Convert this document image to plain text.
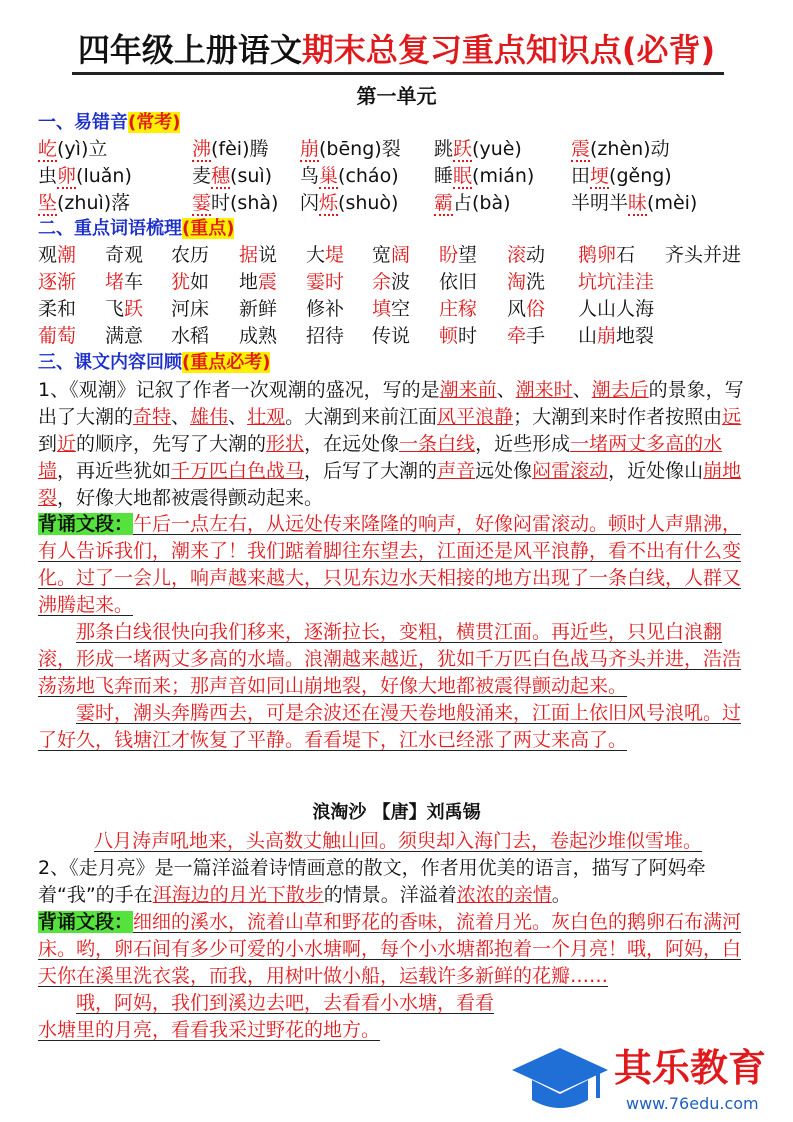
四年级上册语文期末总复习重点知识点(必背)
第一单元
一、易错音(常考)
屹(yì)立	沸(fèi)腾 崩(bēng)裂 跳跃(yuè)	震(zhèn)动
虫卵(luǎn)	麦穗(suì) 鸟巢(cháo) 睡眠(mián) 田埂(gěng)
坠(zhuì)落	霎时(shà) 闪烁(shuò) 霸占(bà)	半明半昧(mèi)
二、重点词语梳理(重点)
观潮 奇观 农历 据说 大堤 宽阔 盼望 滚动 鹅卵石 齐头并进
逐渐 堵车 犹如 地震 霎时 余波 依旧 淘洗 坑坑洼洼
柔和 飞跃 河床 新鲜 修补 填空 庄稼 风俗 人山人海
葡萄 满意 水稻 成熟 招待 传说 顿时 牵手 山崩地裂
三、课文内容回顾(重点必考)
1、《观潮》记叙了作者一次观潮的盛况，写的是潮来前、潮来时、潮去后的景象，写出了大潮的奇特、雄伟、壮观。大潮到来前江面风平浪静；大潮到来时作者按照由远到近的顺序，先写了大潮的形状，在远处像一条白线，近些形成一堵两丈多高的水墙，再近些犹如千万匹白色战马，后写了大潮的声音远处像闷雷滚动，近处像山崩地裂，好像大地都被震得颤动起来。
背诵文段：午后一点左右，从远处传来隆隆的响声，好像闷雷滚动。顿时人声鼎沸，有人告诉我们，潮来了！我们踮着脚往东望去，江面还是风平浪静，看不出有什么变化。过了一会儿，响声越来越大，只见东边水天相接的地方出现了一条白线，人群又沸腾起来。
那条白线很快向我们移来，逐渐拉长，变粗，横贯江面。再近些，只见白浪翻滚，形成一堵两丈多高的水墙。浪潮越来越近，犹如千万匹白色战马齐头并进，浩浩荡荡地飞奔而来；那声音如同山崩地裂，好像大地都被震得颤动起来。
霎时，潮头奔腾西去，可是余波还在漫天卷地般涌来，江面上依旧风号浪吼。过了好久，钱塘江才恢复了平静。看看堤下，江水已经涨了两丈来高了。
浪淘沙 【唐】刘禹锡
八月涛声吼地来，头高数丈触山回。须臾却入海门去，卷起沙堆似雪堆。
2、《走月亮》是一篇洋溢着诗情画意的散文，作者用优美的语言，描写了阿妈牵着“我”的手在洱海边的月光下散步的情景。洋溢着浓浓的亲情。
背诵文段：细细的溪水，流着山草和野花的香味，流着月光。灰白色的鹅卵石布满河床。哟，卵石间有多少可爱的小水塘啊，每个小水塘都抱着一个月亮！哦，阿妈，白天你在溪里洗衣裳，而我，用树叶做小船，运载许多新鲜的花瓣……
哦，阿妈，我们到溪边去吧，去看看小水塘，看看水塘里的月亮，看看我采过野花的地方。
其乐教育
www.76edu.com
